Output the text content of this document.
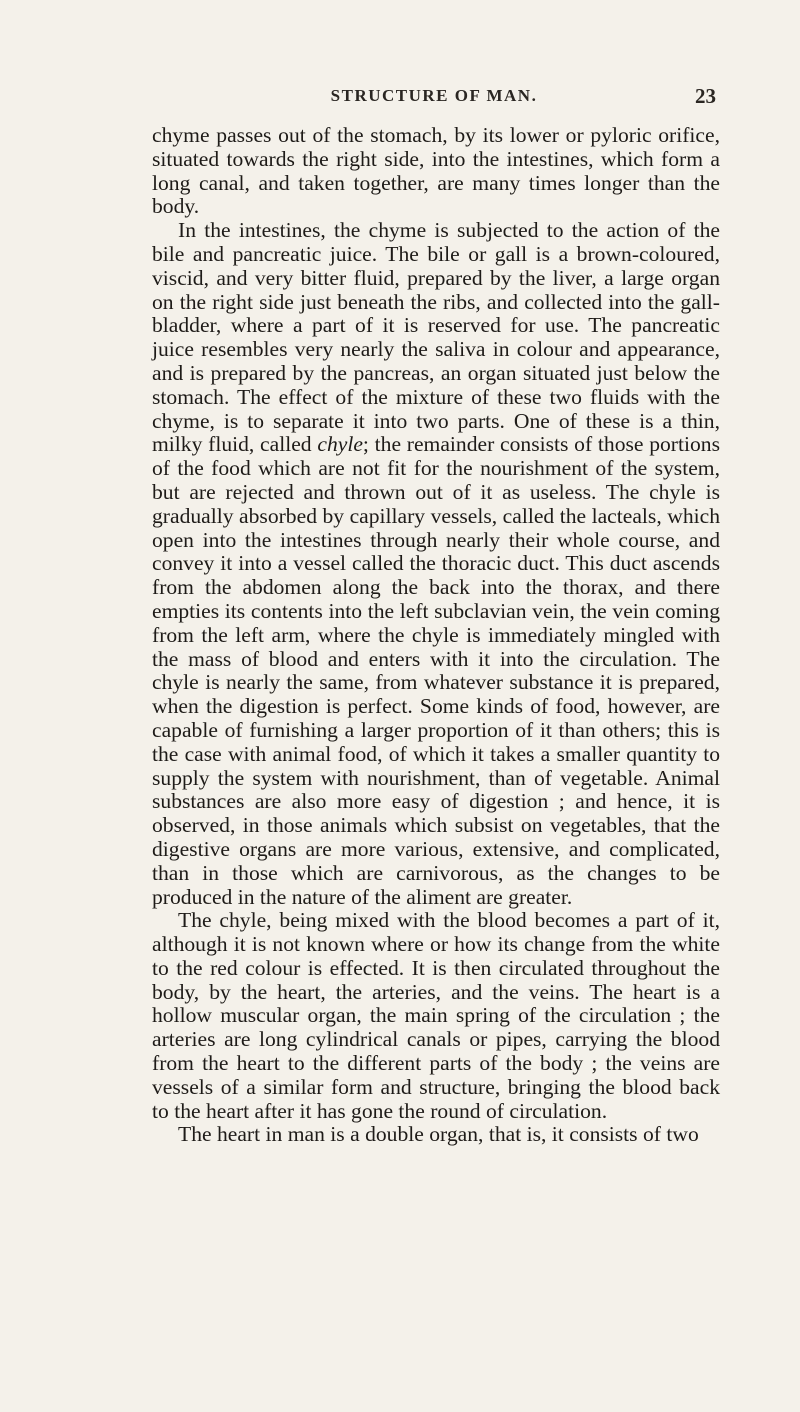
STRUCTURE OF MAN.	23

chyme passes out of the stomach, by its lower or pyloric orifice, situated towards the right side, into the intestines, which form a long canal, and taken together, are many times longer than the body.

In the intestines, the chyme is subjected to the action of the bile and pancreatic juice. The bile or gall is a brown-coloured, viscid, and very bitter fluid, prepared by the liver, a large organ on the right side just beneath the ribs, and collected into the gall-bladder, where a part of it is reserved for use. The pancreatic juice resembles very nearly the saliva in colour and appearance, and is prepared by the pancreas, an organ situated just below the stomach. The effect of the mixture of these two fluids with the chyme, is to separate it into two parts. One of these is a thin, milky fluid, called chyle; the remainder consists of those portions of the food which are not fit for the nourishment of the system, but are rejected and thrown out of it as useless. The chyle is gradually absorbed by capillary vessels, called the lacteals, which open into the intestines through nearly their whole course, and convey it into a vessel called the thoracic duct. This duct ascends from the abdomen along the back into the thorax, and there empties its contents into the left subclavian vein, the vein coming from the left arm, where the chyle is immediately mingled with the mass of blood and enters with it into the circulation. The chyle is nearly the same, from whatever substance it is prepared, when the digestion is perfect. Some kinds of food, however, are capable of furnishing a larger proportion of it than others; this is the case with animal food, of which it takes a smaller quantity to supply the system with nourishment, than of vegetable. Animal substances are also more easy of digestion ; and hence, it is observed, in those animals which subsist on vegetables, that the digestive organs are more various, extensive, and complicated, than in those which are carnivorous, as the changes to be produced in the nature of the aliment are greater.

The chyle, being mixed with the blood becomes a part of it, although it is not known where or how its change from the white to the red colour is effected. It is then circulated throughout the body, by the heart, the arteries, and the veins. The heart is a hollow muscular organ, the main spring of the circulation ; the arteries are long cylindrical canals or pipes, carrying the blood from the heart to the different parts of the body ; the veins are vessels of a similar form and structure, bringing the blood back to the heart after it has gone the round of circulation.

The heart in man is a double organ, that is, it consists of two
